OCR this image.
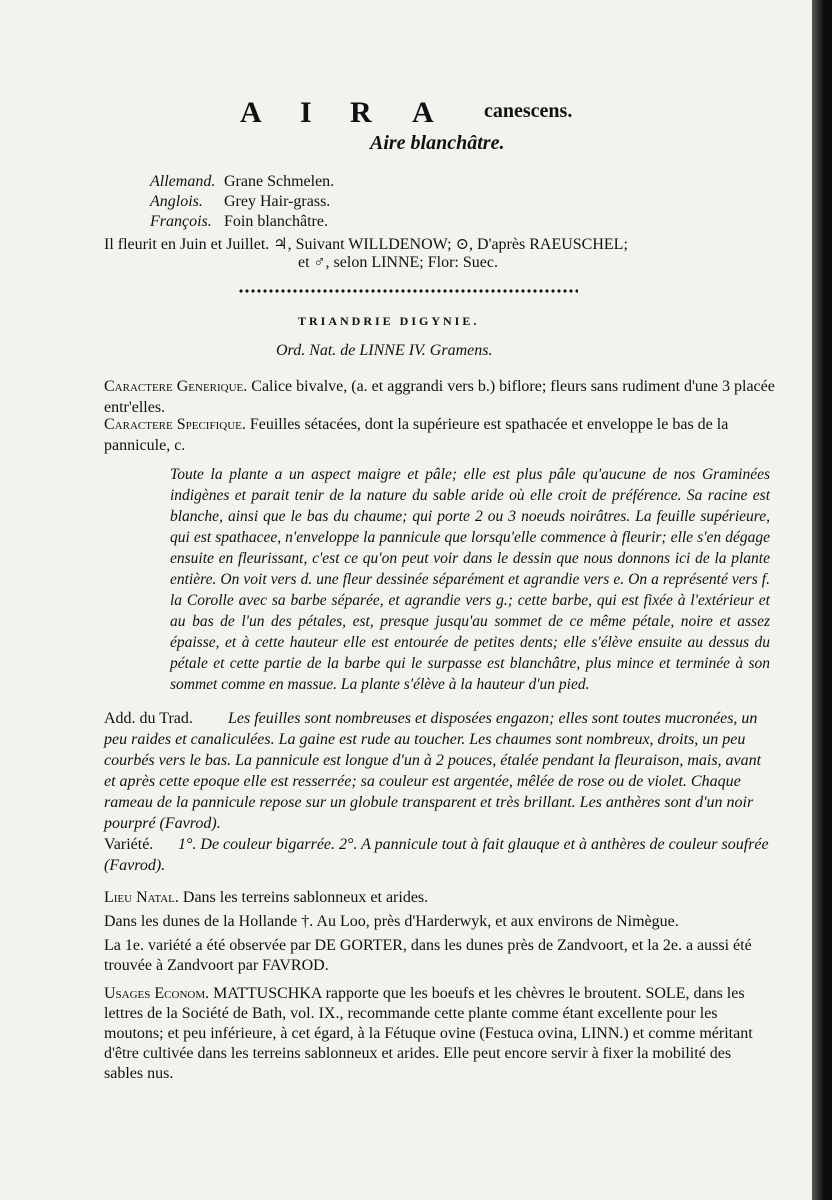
A I R A canescens.
Aire blanchâtre.
Allemand. Grane Schmelen.
Anglois. Grey Hair-grass.
François. Foin blanchâtre.
Il fleurit en Juin et Juillet. ♃, Suivant WILLDENOW; ⊙, D'après RAEUSCHEL;
et ♂, selon LINNE; Flor: Suec.
TRIANDRIE DIGYNIE.
Ord. Nat. de LINNE IV. Gramens.
Caractere Generique. Calice bivalve, (a. et aggrandi vers b.) biflore; fleurs sans rudiment d'une 3 placée entr'elles.
Caractere Specifique. Feuilles sétacées, dont la supérieure est spathacée et enveloppe le bas de la pannicule, c.
Toute la plante a un aspect maigre et pâle; elle est plus pâle qu'aucune de nos Graminées indigènes et parait tenir de la nature du sable aride où elle croit de préférence. Sa racine est blanche, ainsi que le bas du chaume; qui porte 2 ou 3 noeuds noirâtres. La feuille supérieure, qui est spathacee, n'enveloppe la pannicule que lorsqu'elle commence à fleurir; elle s'en dégage ensuite en fleurissant, c'est ce qu'on peut voir dans le dessin que nous donnons ici de la plante entière. On voit vers d. une fleur dessinée séparément et agrandie vers e. On a représenté vers f. la Corolle avec sa barbe séparée, et agrandie vers g.; cette barbe, qui est fixée à l'extérieur et au bas de l'un des pétales, est, presque jusqu'au sommet de ce même pétale, noire et assez épaisse, et à cette hauteur elle est entourée de petites dents; elle s'élève ensuite au dessus du pétale et cette partie de la barbe qui le surpasse est blanchâtre, plus mince et terminée à son sommet comme en massue. La plante s'élève à la hauteur d'un pied.
Add. du Trad. Les feuilles sont nombreuses et disposées engazon; elles sont toutes mucronées, un peu raides et canaliculées. La gaine est rude au toucher. Les chaumes sont nombreux, droits, un peu courbés vers le bas. La pannicule est longue d'un à 2 pouces, étalée pendant la fleuraison, mais, avant et après cette epoque elle est resserrée; sa couleur est argentée, mêlée de rose ou de violet. Chaque rameau de la pannicule repose sur un globule transparent et très brillant. Les anthères sont d'un noir pourpré (Favrod).
Variété. 1°. De couleur bigarrée. 2°. A pannicule tout à fait glauque et à anthères de couleur soufrée (Favrod).
Lieu Natal. Dans les terreins sablonneux et arides.
Dans les dunes de la Hollande †. Au Loo, près d'Harderwyk, et aux environs de Nimègue.
La 1e. variété a été observée par DE GORTER, dans les dunes près de Zandvoort, et la 2e. a aussi été trouvée à Zandvoort par FAVROD.
Usages Econom. MATTUSCHKA rapporte que les boeufs et les chèvres le broutent. SOLE, dans les lettres de la Société de Bath, vol. IX., recommande cette plante comme étant excellente pour les moutons; et peu inférieure, à cet égard, à la Fétuque ovine (Festuca ovina, LINN.) et comme méritant d'être cultivée dans les terreins sablonneux et arides. Elle peut encore servir à fixer la mobilité des sables nus.
